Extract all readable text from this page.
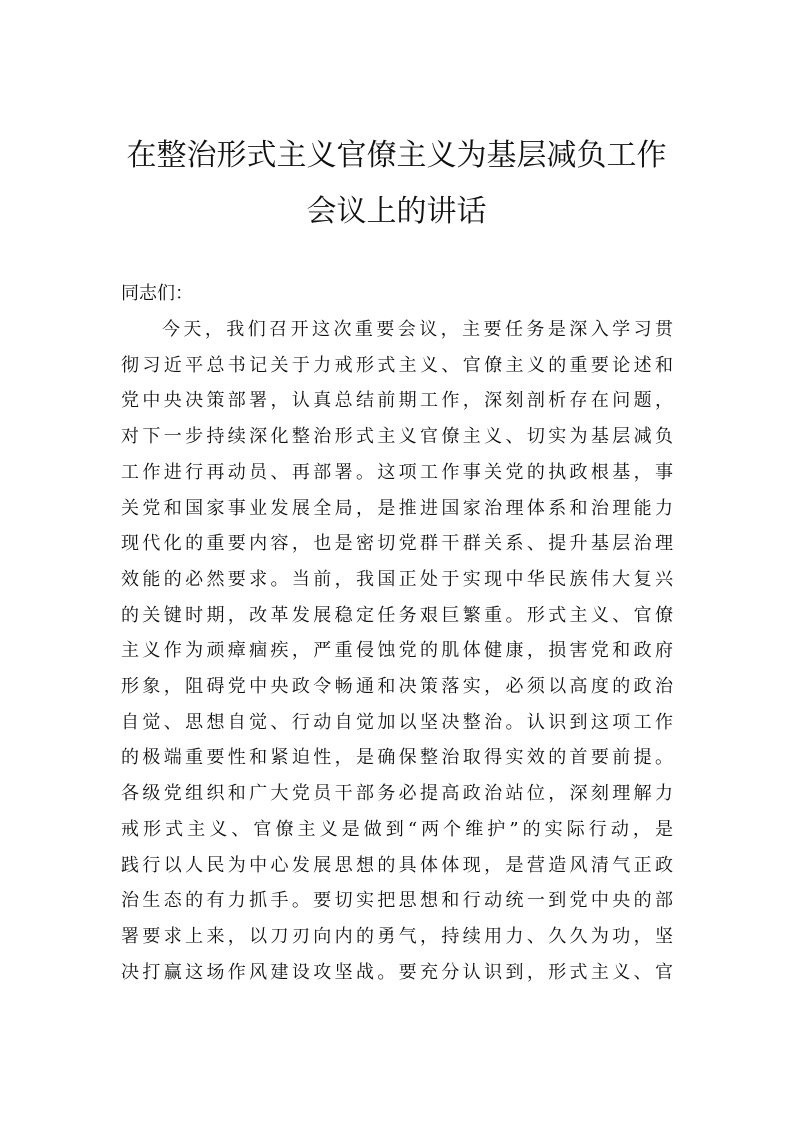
在整治形式主义官僚主义为基层减负工作
会议上的讲话
同志们：
今天，我们召开这次重要会议，主要任务是深入学习贯
彻习近平总书记关于力戒形式主义、官僚主义的重要论述和
党中央决策部署，认真总结前期工作，深刻剖析存在问题，
对下一步持续深化整治形式主义官僚主义、切实为基层减负
工作进行再动员、再部署。这项工作事关党的执政根基，事
关党和国家事业发展全局，是推进国家治理体系和治理能力
现代化的重要内容，也是密切党群干群关系、提升基层治理
效能的必然要求。当前，我国正处于实现中华民族伟大复兴
的关键时期，改革发展稳定任务艰巨繁重。形式主义、官僚
主义作为顽瘴痼疾，严重侵蚀党的肌体健康，损害党和政府
形象，阻碍党中央政令畅通和决策落实，必须以高度的政治
自觉、思想自觉、行动自觉加以坚决整治。认识到这项工作
的极端重要性和紧迫性，是确保整治取得实效的首要前提。
各级党组织和广大党员干部务必提高政治站位，深刻理解力
戒形式主义、官僚主义是做到“两个维护”的实际行动，是
践行以人民为中心发展思想的具体体现，是营造风清气正政
治生态的有力抓手。要切实把思想和行动统一到党中央的部
署要求上来，以刀刃向内的勇气，持续用力、久久为功，坚
决打赢这场作风建设攻坚战。要充分认识到，形式主义、官
